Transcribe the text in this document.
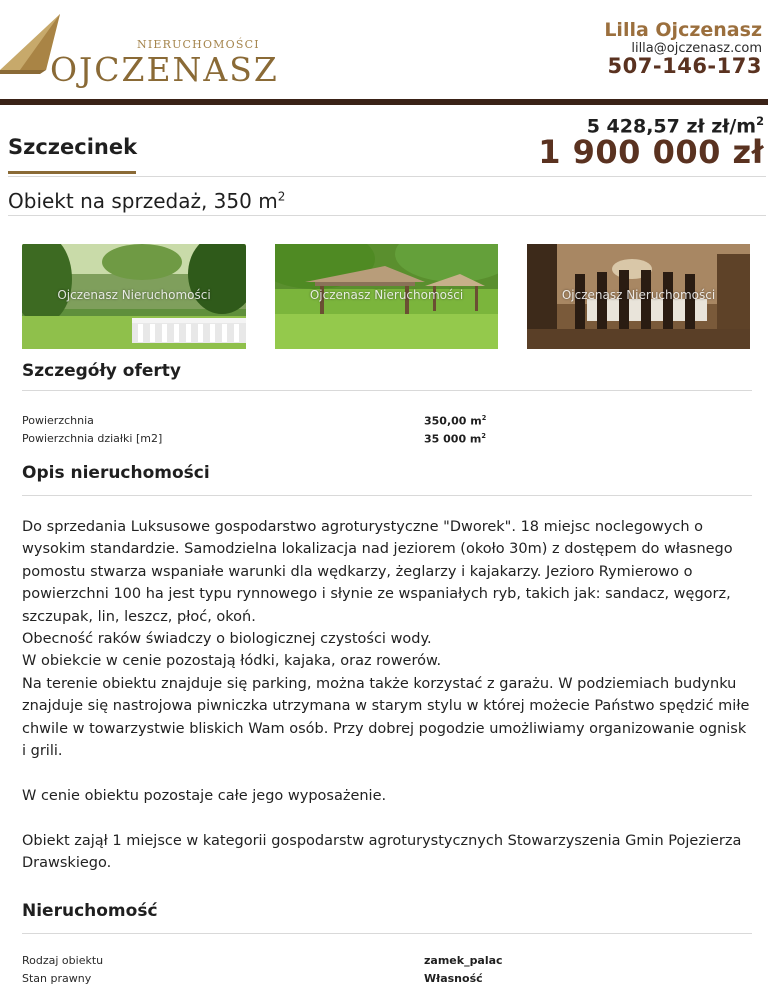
NIERUCHOMOŚCI
OJCZENASZ
Lilla Ojczenasz
lilla@ojczenasz.com
507-146-173
Szczecinek
5 428,57 zł $zł/m^2$
1 900 000 zł
Obiekt na sprzedaż, 350 $m^2$
Ojczenasz Nieruchomości	Ojczenasz Nieruchomości	Ojczenasz Nieruchomości
Szczegóły oferty
Powierzchnia	350,00 $m^2$
Powierzchnia działki [m2]	35 000 $m^2$
Opis nieruchomości

Do sprzedania Luksusowe gospodarstwo agroturystyczne "Dworek". 18 miejsc noclegowych o wysokim standardzie. Samodzielna lokalizacja nad jeziorem (około 30m) z dostępem do własnego pomostu stwarza wspaniałe warunki dla wędkarzy, żeglarzy i kajakarzy. Jezioro Rymierowo o powierzchni 100 ha jest typu rynnowego i słynie ze wspaniałych ryb, takich jak: sandacz, węgorz, szczupak, lin, leszcz, płoć, okoń.

Obecność raków świadczy o biologicznej czystości wody.

W obiekcie w cenie pozostają łódki, kajaka, oraz rowerów.

Na terenie obiektu znajduje się parking, można także korzystać z garażu. W podziemiach budynku znajduje się nastrojowa piwniczka utrzymana w starym stylu w której możecie Państwo spędzić miłe chwile w towarzystwie bliskich Wam osób. Przy dobrej pogodzie umożliwiamy organizowanie ognisk i grili.

W cenie obiektu pozostaje całe jego wyposażenie.

Obiekt zajął 1 miejsce w kategorii gospodarstw agroturystycznych Stowarzyszenia Gmin Pojezierza Drawskiego.

Nieruchomość
Rodzaj obiektu	zamek_palac
Stan prawny	Własność
